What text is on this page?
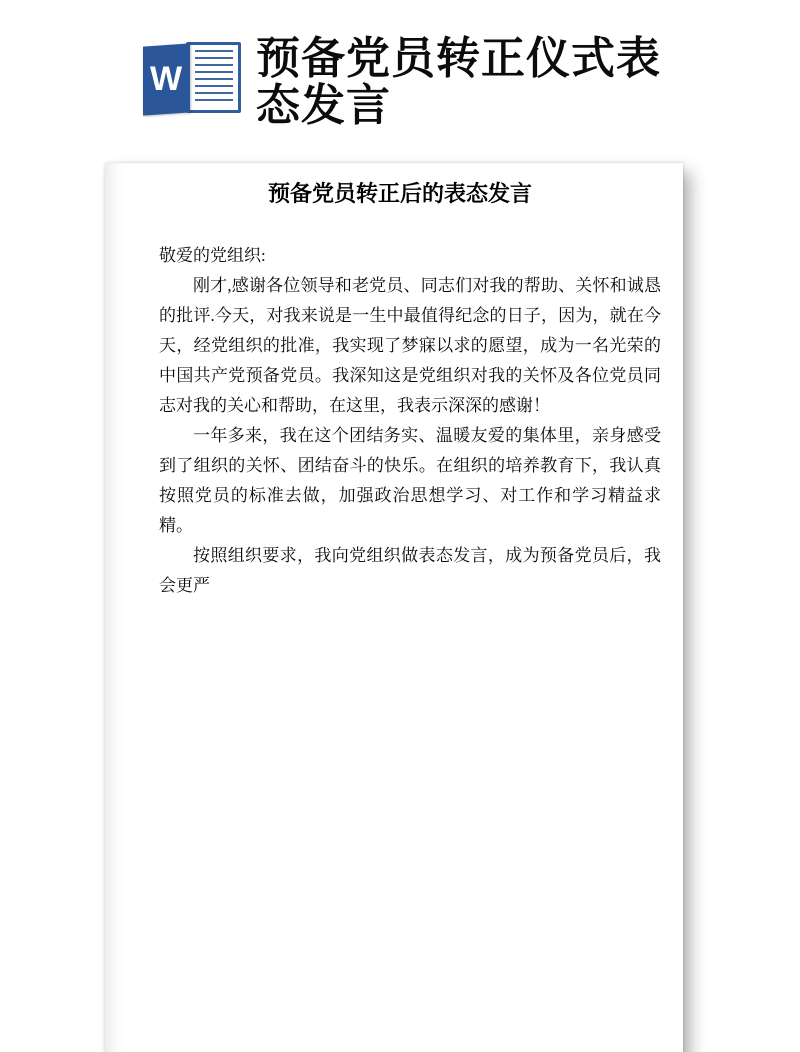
W 预备党员转正仪式表态发言
预备党员转正后的表态发言

敬爱的党组织:

刚才,感谢各位领导和老党员、同志们对我的帮助、关怀和诚恳的批评.今天，对我来说是一生中最值得纪念的日子，因为，就在今天，经党组织的批准，我实现了梦寐以求的愿望，成为一名光荣的中国共产党预备党员。我深知这是党组织对我的关怀及各位党员同志对我的关心和帮助，在这里，我表示深深的感谢！

一年多来，我在这个团结务实、温暖友爱的集体里，亲身感受到了组织的关怀、团结奋斗的快乐。在组织的培养教育下，我认真按照党员的标准去做，加强政治思想学习、对工作和学习精益求精。

按照组织要求，我向党组织做表态发言，成为预备党员后，我会更严
